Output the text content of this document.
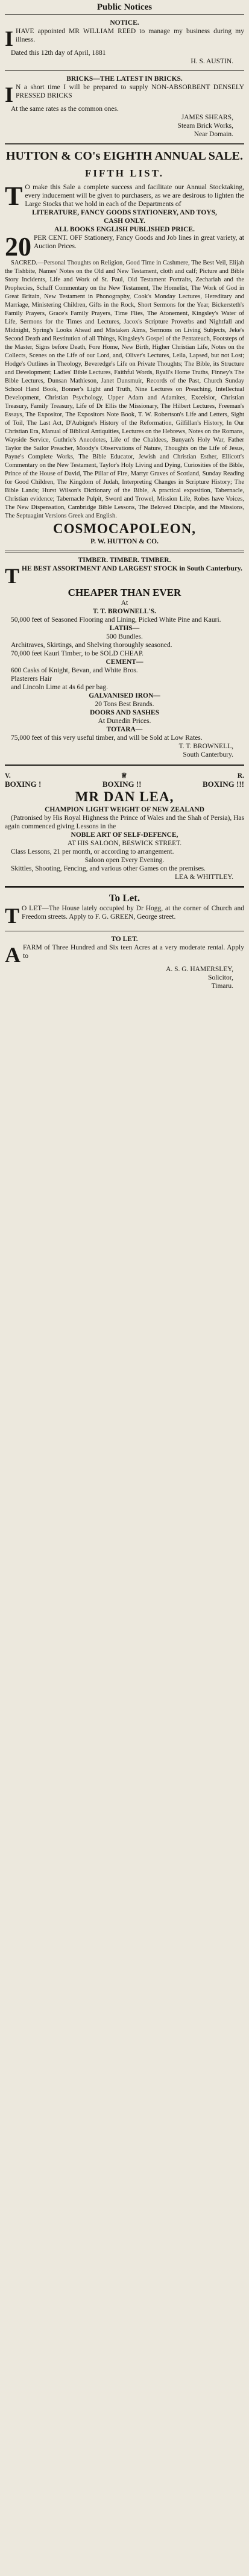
Public Notices
NOTICE.
I HAVE appointed MR WILLIAM REED to manage my business during my illness.
Dated this 12th day of April, 1881
H. S. AUSTIN.
BRICKS—THE LATEST IN BRICKS.
I N a short time I will be prepared to supply NON-ABSORBENT DENSELY PRESSED BRICKS
At the same rates as the common ones.
JAMES SHEARS,
Steam Brick Works,
Near Domain.
HUTTON & CO's EIGHTH ANNUAL SALE.
FIFTH LIST.
T O make this Sale a complete success and facilitate our Annual Stocktaking, every inducement will be given to purchasers, as we are desirous to lighten the Large Stocks that we hold in each of the Departments of
LITERATURE, FANCY GOODS STATIONERY, AND TOYS,
CASH ONLY.
ALL BOOKS ENGLISH PUBLISHED PRICE.
20 PER CENT. OFF Stationery, Fancy Goods and Job lines in great variety, at Auction Prices.
SACRED.—Personal Thoughts on Religion, Good Time in Cashmere, The Best Veil, Elijah the Tishbite, Names' Notes on the Old and New Testament, cloth and calf; Picture and Bible Story Incidents, Life and Work of St. Paul, Old Testament Portraits, Zechariah and the Prophecies, Schaff Commentary on the New Testament, The Homelist, The Work of God in Great Britain, New Testament in Phonography, Cook's Monday Lectures, Hereditary and Marriage, Ministering Children, Gifts in the Rock, Short Sermons for the Year, Bickersteth's Family Prayers, Grace's Family Prayers, Time Flies, The Atonement, Kingsley's Water of Life, Sermons for the Times and Lectures, Jacox's Scripture Proverbs and Nightfall and Midnight, Spring's Looks Ahead and Mistaken Aims, Sermons on Living Subjects, Jeke's Second Death and Restitution of all Things, Kingsley's Gospel of the Pentateuch, Footsteps of the Master, Signs before Death, Fore Home, New Birth, Higher Christian Life, Notes on the Collects, Scenes on the Life of our Lord, and, Oliver's Lectures, Leila, Lapsed, but not Lost; Hodge's Outlines in Theology, Beveredge's Life on Private Thoughts; The Bible, its Structure and Development; Ladies' Bible Lectures, Faithful Words, Ryall's Home Truths, Finney's The Bible Lectures, Dunsan Mathieson, Janet Dunsmuir, Records of the Past, Church Sunday School Hand Book, Bonner's Light and Truth, Nine Lectures on Preaching, Intellectual Development, Christian Psychology, Upper Adam and Adamites, Excelsior, Christian Treasury, Family Treasury, Life of Dr Ellis the Missionary, The Hilbert Lectures, Freeman's Essays, The Expositor, The Expositors Note Book, T. W. Robertson's Life and Letters, Sight of Toil, The Last Act, D'Aubigne's History of the Reformation, Gilfillan's History, In Our Christian Era, Manual of Biblical Antiquities, Lectures on the Hebrews, Notes on the Romans, Wayside Service, Guthrie's Anecdotes, Life of the Chaldees, Bunyan's Holy War, Father Taylor the Sailor Preacher, Moody's Observations of Nature, Thoughts on the Life of Jesus, Payne's Complete Works, The Bible Educator, Jewish and Christian Esther, Ellicott's Commentary on the New Testament, Taylor's Holy Living and Dying, Curiosities of the Bible, Prince of the House of David, The Pillar of Fire, Martyr Graves of Scotland, Sunday Reading for Good Children, The Kingdom of Judah, Interpreting Changes in Scripture History; The Bible Lands; Hurst Wilson's Dictionary of the Bible, A practical exposition, Tabernacle, Christian evidence; Tabernacle Pulpit, Sword and Trowel, Mission Life, Robes have Voices, The New Dispensation, Cambridge Bible Lessons, The Beloved Disciple, and the Missions, The Septuagint Versions Greek and English.
COSMOCAPOLEON,
P. W. HUTTON & CO.
TIMBER. TIMBER. TIMBER.
T HE BEST ASSORTMENT AND LARGEST STOCK in South Canterbury.
CHEAPER THAN EVER
At
T. T. BROWNELL'S.
50,000 feet of Seasoned Flooring and Lining, Picked White Pine and Kauri.
LATHS—
500 Bundles.
Architraves, Skirtings, and Shelving thoroughly seasoned.
70,000 feet Kauri Timber, to be SOLD CHEAP.
CEMENT—
600 Casks of Knight, Bevan, and White Bros.
Plasterers Hair
and Lincoln Lime at 4s 6d per bag.
GALVANISED IRON—
20 Tons Best Brands.
DOORS AND SASHES
At Dunedin Prices.
TOTARA—
75,000 feet of this very useful timber, and will be Sold at Low Rates.
T. T. BROWNELL,
South Canterbury.
V.	♕	R.
BOXING !	BOXING !!	BOXING !!!
MR DAN LEA,
CHAMPION LIGHT WEIGHT OF NEW ZEALAND
(Patronised by His Royal Highness the Prince of Wales and the Shah of Persia), Has again commenced giving Lessons in the
NOBLE ART OF SELF-DEFENCE,
AT HIS SALOON, BESWICK STREET.
Class Lessons, 21 per month, or according to arrangement.
Saloon open Every Evening.
Skittles, Shooting, Fencing, and various other Games on the premises.
LEA & WHITTLEY.
To Let.
T O LET—The House lately occupied by Dr Hogg, at the corner of Church and Freedom streets. Apply to F. G. GREEN, George street.
TO LET.
A FARM of Three Hundred and Six teen Acres at a very moderate rental. Apply to
A. S. G. HAMERSLEY,
Solicitor,
Timaru.
